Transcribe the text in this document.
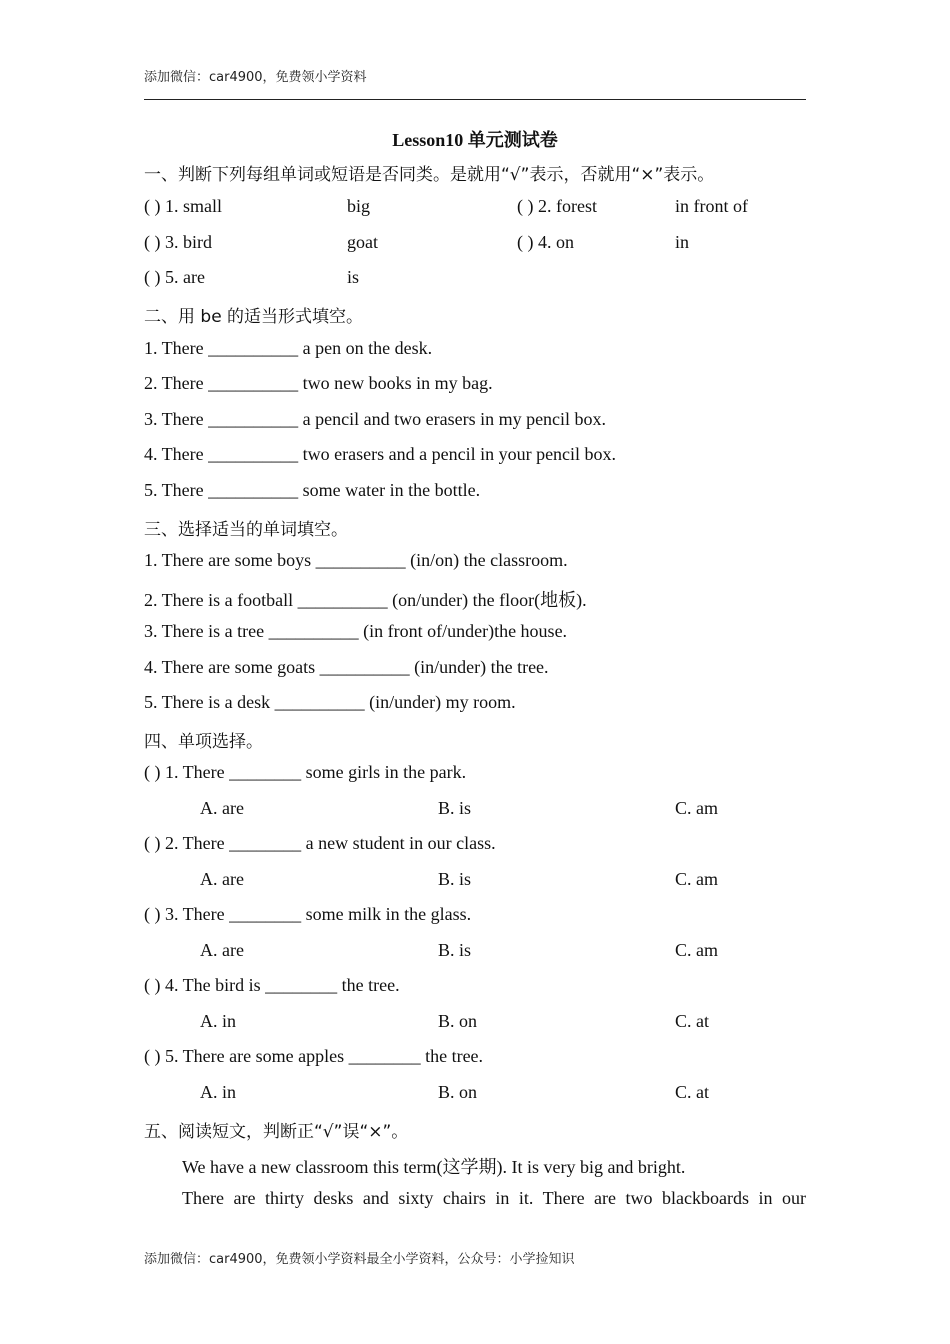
添加微信：car4900，免费领小学资料
Lesson10 单元测试卷
一、判断下列每组单词或短语是否同类。是就用“√”表示，否就用“×”表示。
( ) 1. small	big	( ) 2. forest	in front of
( ) 3. bird	goat	( ) 4. on	in
( ) 5. are	is
二、用 be 的适当形式填空。
1. There __________ a pen on the desk.
2. There __________ two new books in my bag.
3. There __________ a pencil and two erasers in my pencil box.
4. There __________ two erasers and a pencil in your pencil box.
5. There __________ some water in the bottle.
三、选择适当的单词填空。
1. There are some boys __________ (in/on) the classroom.
2. There is a football __________ (on/under) the floor(地板).
3. There is a tree __________ (in front of/under)the house.
4. There are some goats __________ (in/under) the tree.
5. There is a desk __________ (in/under) my room.
四、单项选择。
( ) 1. There ________ some girls in the park.
A. are	B. is	C. am
( ) 2. There ________ a new student in our class.
A. are	B. is	C. am
( ) 3. There ________ some milk in the glass.
A. are	B. is	C. am
( ) 4. The bird is ________ the tree.
A. in	B. on	C. at
( ) 5. There are some apples ________ the tree.
A. in	B. on	C. at
五、阅读短文，判断正“√”误“×”。
We have a new classroom this term(这学期). It is very big and bright.
There are thirty desks and sixty chairs in it. There are two blackboards in our
添加微信：car4900，免费领小学资料最全小学资料，公众号：小学捡知识
